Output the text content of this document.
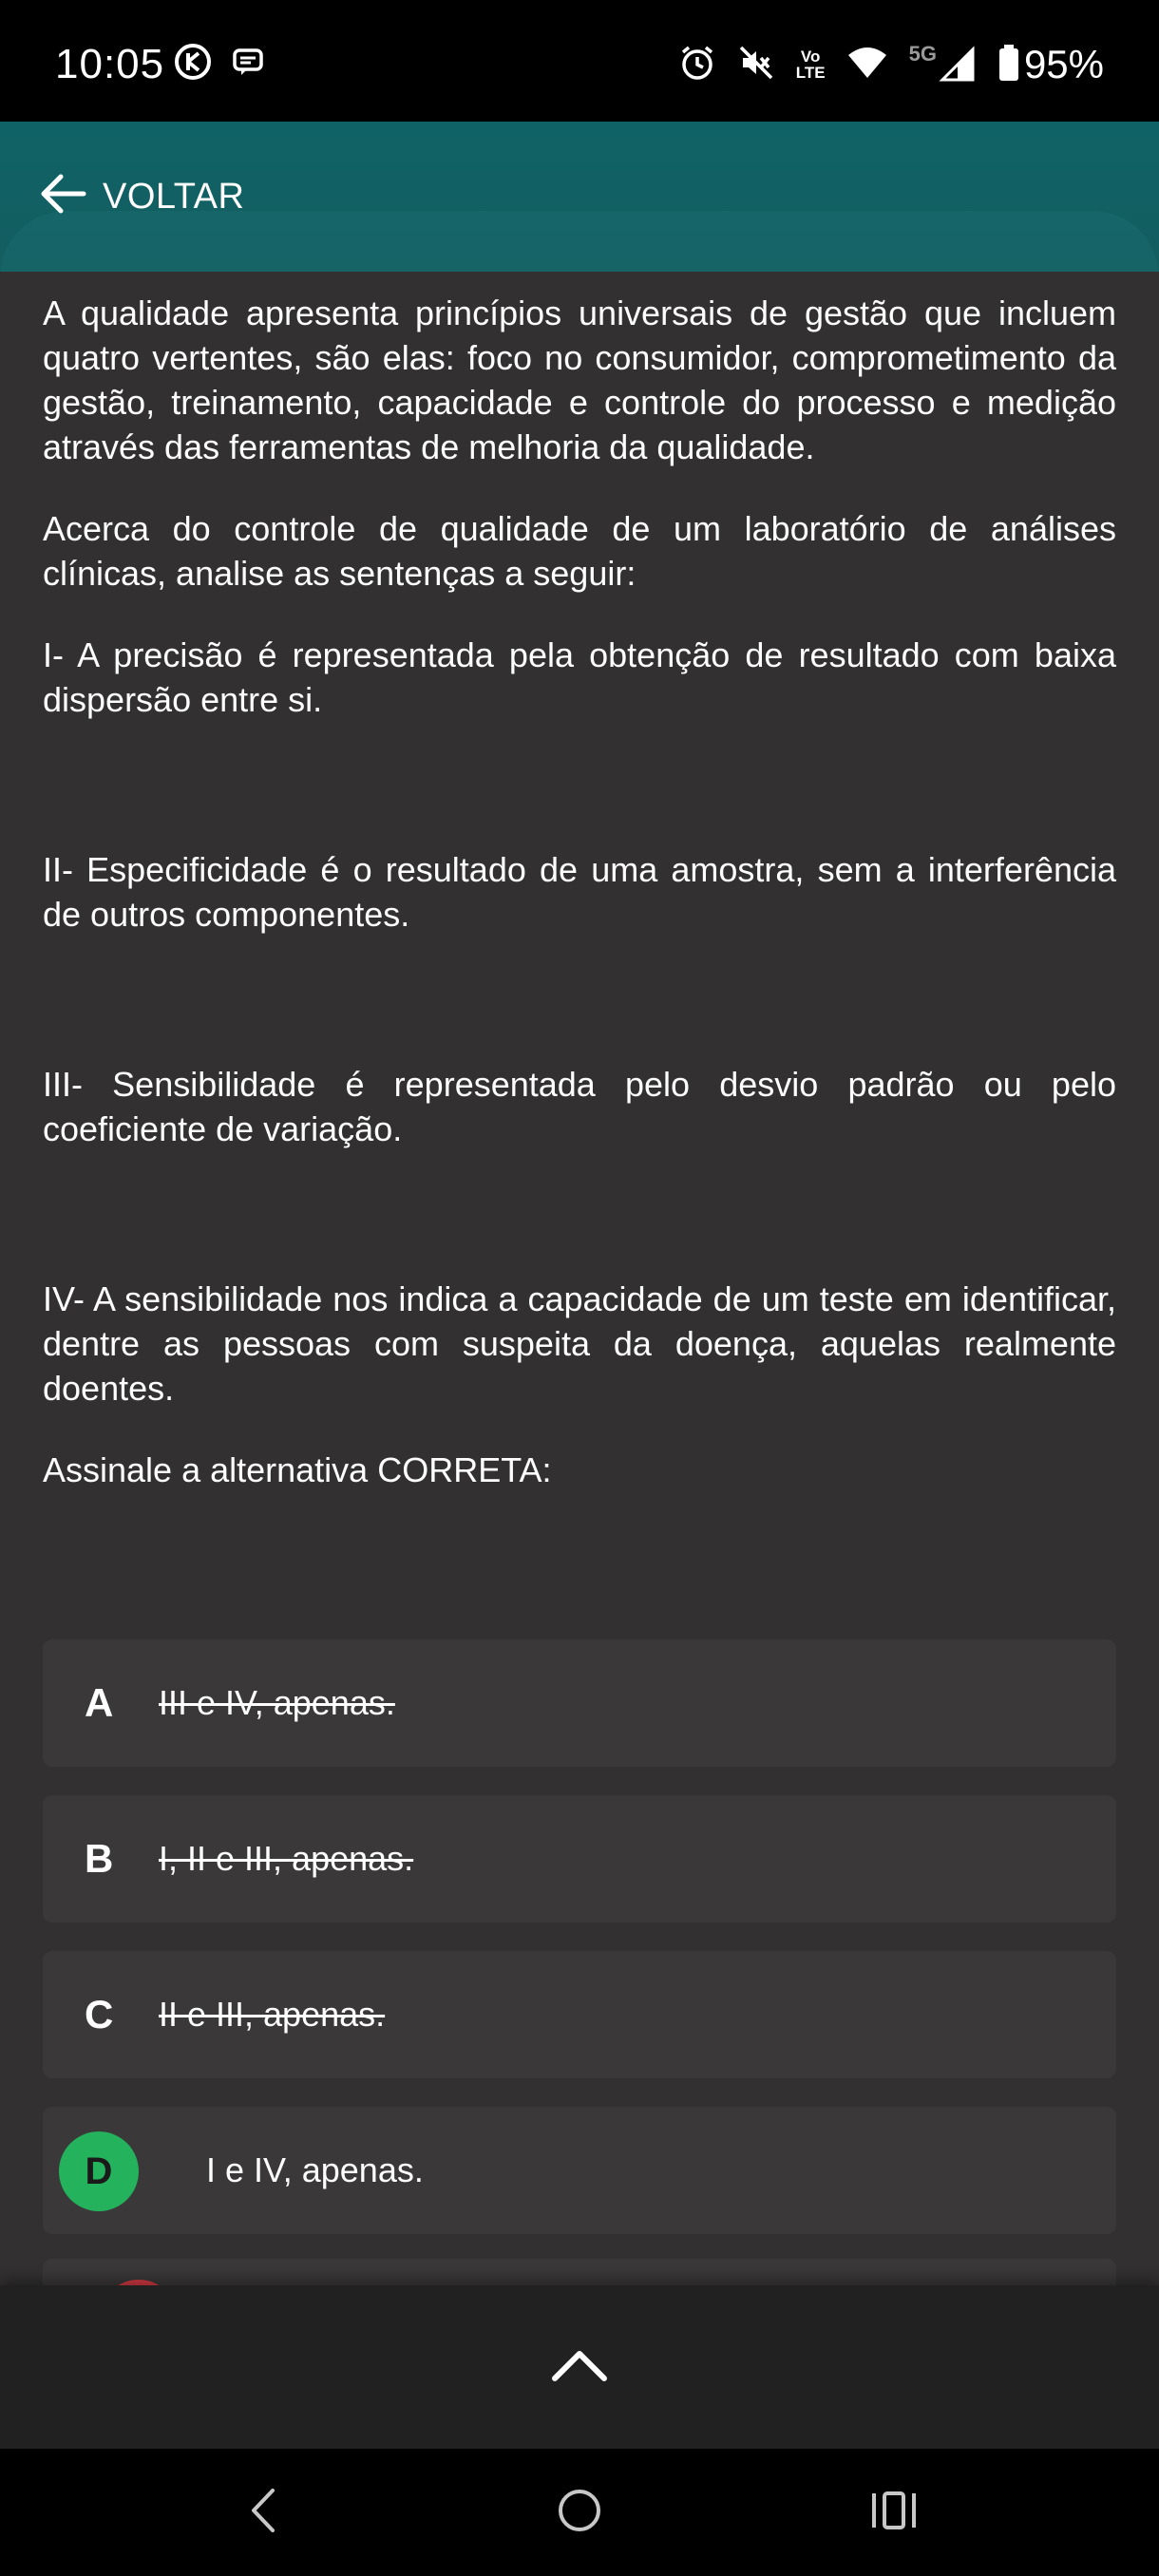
10:05	Vo
LTE
5G 95%
VOLTAR

A qualidade apresenta princípios universais de gestão que incluem quatro vertentes, são elas: foco no consumidor, comprometimento da gestão, treinamento, capacidade e controle do processo e medição através das ferramentas de melhoria da qualidade.

Acerca do controle de qualidade de um laboratório de análises clínicas, analise as sentenças a seguir:

I- A precisão é representada pela obtenção de resultado com baixa dispersão entre si.

II- Especificidade é o resultado de uma amostra, sem a interferência de outros componentes.

III- Sensibilidade é representada pelo desvio padrão ou pelo coeficiente de variação.

IV- A sensibilidade nos indica a capacidade de um teste em identificar, dentre as pessoas com suspeita da doença, aquelas realmente doentes.

Assinale a alternativa CORRETA:

A III e IV, apenas.
B I, II e III, apenas.
C II e III, apenas.
D	I e IV, apenas.
